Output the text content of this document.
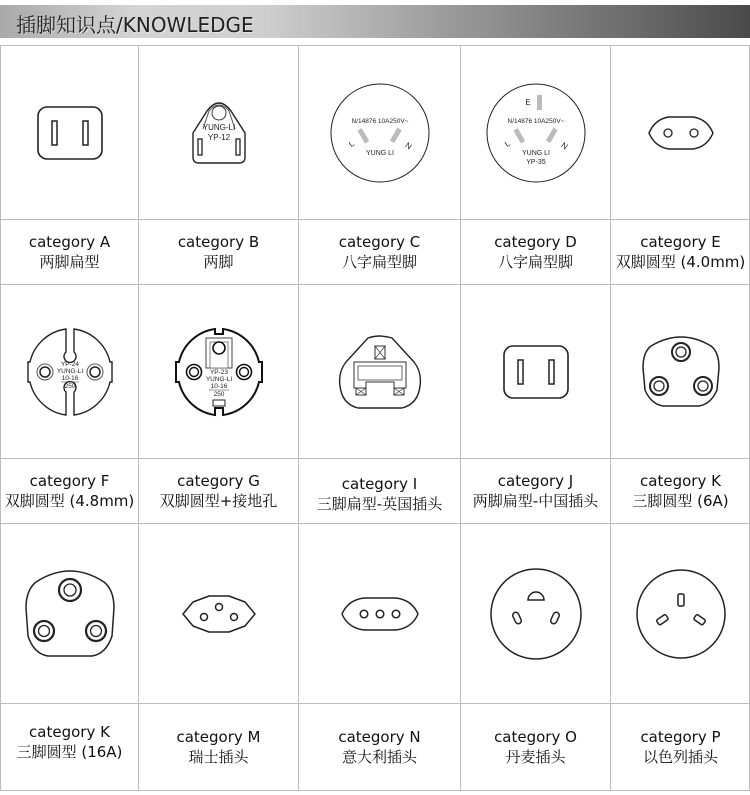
插脚知识点/KNOWLEDGE
YUNG-LI
YP-12
N/14876 10A250V~
L	N
YUNG LI
E
N/14876 10A250V~
L	N
YUNG LI
YP-35
category A
两脚扁型
category B
两脚
category C
八字扁型脚
category D
八字扁型脚
category E
双脚圆型 (4.0mm)
YP-24
YUNG-LI
10-16
250
YP-23
YUNG-LI
10-16
250
category F
双脚圆型 (4.8mm)
category G
双脚圆型+接地孔
category I
三脚扁型-英国插头
category J
两脚扁型-中国插头
category K
三脚圆型 (6A)
category K
三脚圆型 (16A)
category M
瑞士插头
category N
意大利插头
category O
丹麦插头
category P
以色列插头
